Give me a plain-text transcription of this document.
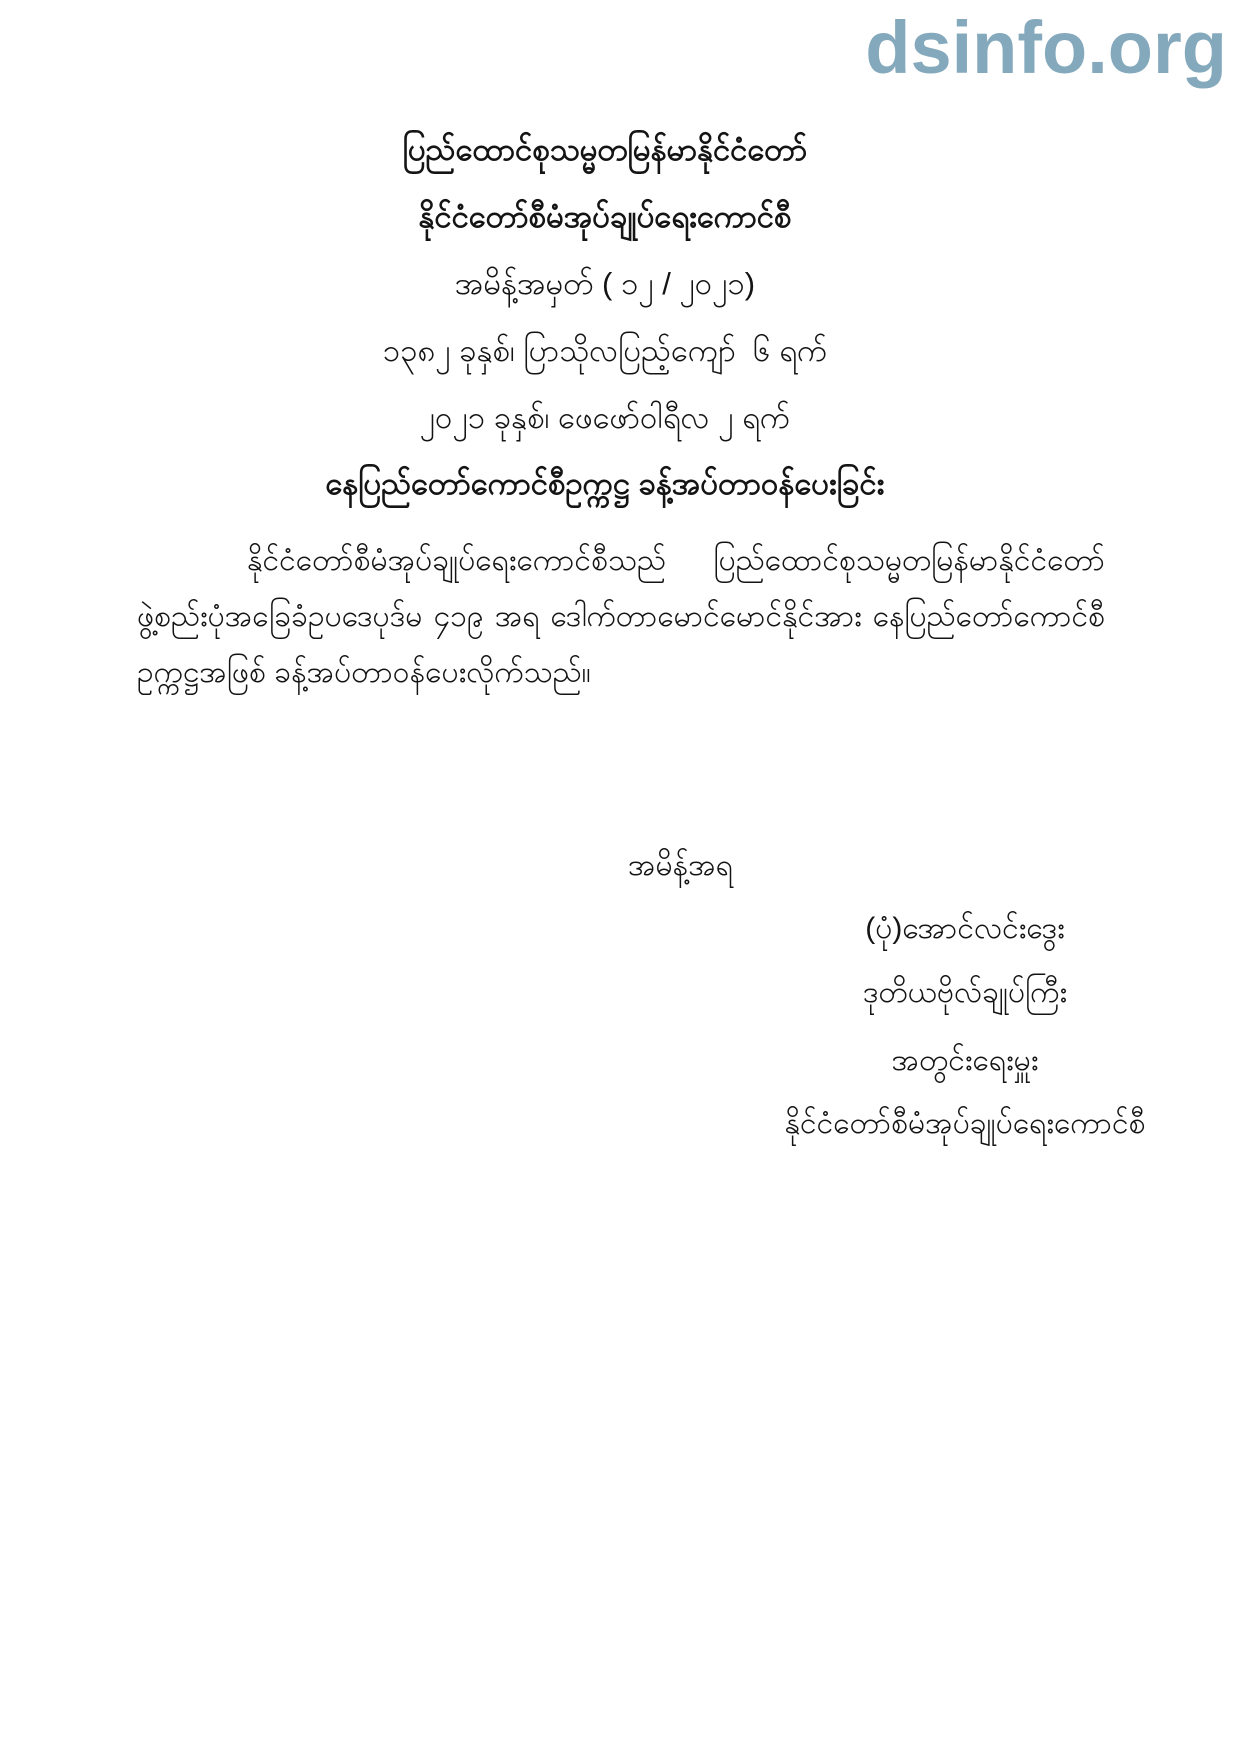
dsinfo.org
ပြည်ထောင်စုသမ္မတမြန်မာနိုင်ငံတော်
နိုင်ငံတော်စီမံအုပ်ချုပ်ရေးကောင်စီ
အမိန့်အမှတ် ( ၁၂ / ၂၀၂၁)
၁၃၈၂ ခုနှစ်၊ ပြာသိုလပြည့်ကျော်  ၆ ရက်
၂၀၂၁ ခုနှစ်၊ ဖေဖော်ဝါရီလ ၂ ရက်
နေပြည်တော်ကောင်စီဥက္ကဋ္ဌ ခန့်အပ်တာဝန်ပေးခြင်း
နိုင်ငံတော်စီမံအုပ်ချုပ်ရေးကောင်စီသည် ပြည်ထောင်စုသမ္မတမြန်မာနိုင်ငံတော် ဖွဲ့စည်းပုံအခြေခံဥပဒေပုဒ်မ ၄၁၉ အရ ဒေါက်တာမောင်မောင်နိုင်အား နေပြည်တော်ကောင်စီဥက္ကဋ္ဌအဖြစ် ခန့်အပ်တာဝန်ပေးလိုက်သည်။
အမိန့်အရ
(ပုံ)အောင်လင်းဒွေး
ဒုတိယဗိုလ်ချုပ်ကြီး
အတွင်းရေးမှူး
နိုင်ငံတော်စီမံအုပ်ချုပ်ရေးကောင်စီ
